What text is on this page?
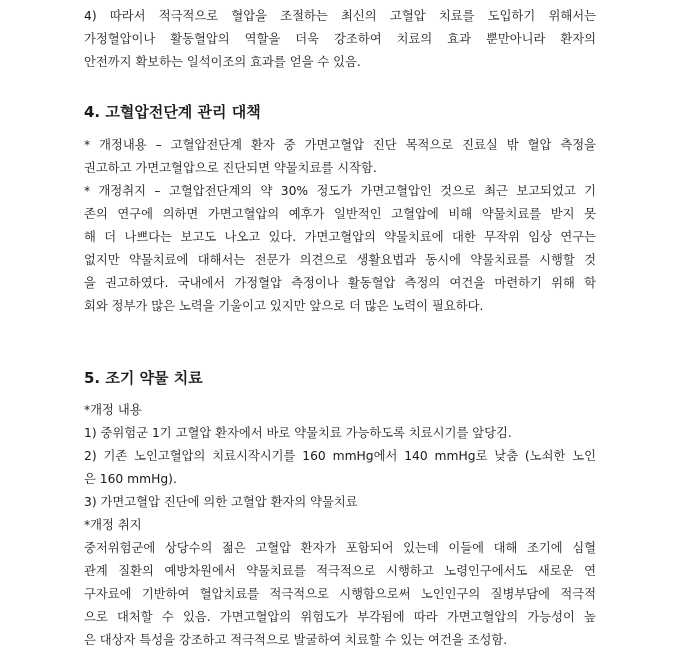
4) 따라서 적극적으로 혈압을 조절하는 최신의 고혈압 치료를 도입하기 위해서는
가정혈압이나 활동혈압의 역할을 더욱 강조하여 치료의 효과 뿐만아니라 환자의
안전까지 확보하는 일석이조의 효과를 얻을 수 있음.
4. 고혈압전단계 관리 대책
* 개정내용 – 고혈압전단계 환자 중 가면고혈압 진단 목적으로 진료실 밖 혈압 측정을
권고하고 가면고혈압으로 진단되면 약물치료를 시작함.
* 개정취지 – 고혈압전단계의 약 30% 정도가 가면고혈압인 것으로 최근 보고되었고 기
존의 연구에 의하면 가면고혈압의 예후가 일반적인 고혈압에 비해 약물치료를 받지 못
해 더 나쁘다는 보고도 나오고 있다. 가면고혈압의 약물치료에 대한 무작위 임상 연구는
없지만 약물치료에 대해서는 전문가 의견으로 생활요법과 동시에 약물치료를 시행할 것
을 권고하였다. 국내에서 가정혈압 측정이나 활동혈압 측정의 여건을 마련하기 위해 학
회와 정부가 많은 노력을 기울이고 있지만 앞으로 더 많은 노력이 필요하다.
5. 조기 약물 치료
*개정 내용
1) 중위험군 1기 고혈압 환자에서 바로 약물치료 가능하도록 치료시기를 앞당김.
2) 기존 노인고혈압의 치료시작시기를 160 mmHg에서 140 mmHg로 낮춤 (노쇠한 노인
은 160 mmHg).
3) 가면고혈압 진단에 의한 고혈압 환자의 약물치료
*개정 취지
중저위험군에 상당수의 젊은 고혈압 환자가 포함되어 있는데 이들에 대해 조기에 심혈
관계 질환의 예방차원에서 약물치료를 적극적으로 시행하고 노령인구에서도 새로운 연
구자료에 기반하여 혈압치료를 적극적으로 시행함으로써 노인인구의 질병부담에 적극적
으로 대처할 수 있음. 가면고혈압의 위험도가 부각됨에 따라 가면고혈압의 가능성이 높
은 대상자 특성을 강조하고 적극적으로 발굴하여 치료할 수 있는 여건을 조성함.
